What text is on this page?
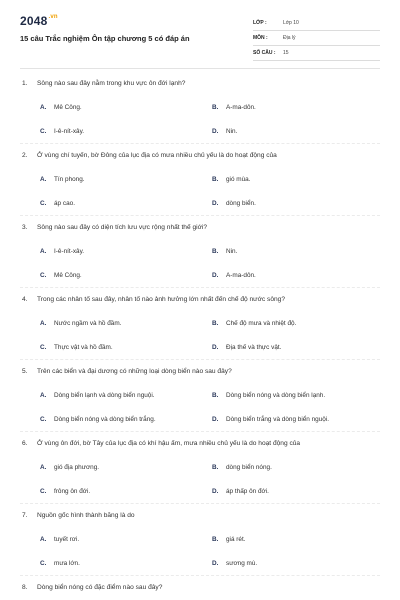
$2048^{.vn}$
15 câu Trắc nghiệm Ôn tập chương 5 có đáp án
LỚP :	Lớp 10
MÔN :	Địa lý
SỐ CÂU :	15
1.	Sông nào sau đây nằm trong khu vực ôn đới lạnh?
A.	Mê Công.	B.	A-ma-dôn.
C.	I-ê-nít-xây.	D.	Nin.
2.	Ở vùng chí tuyến, bờ Đông của lục địa có mưa nhiều chủ yếu là do hoạt động của
A.	Tín phong.	B.	gió mùa.
C.	áp cao.	D.	dòng biển.
3.	Sông nào sau đây có diện tích lưu vực rộng nhất thế giới?
A.	I-ê-nít-xây.	B.	Nin.
C.	Mê Công.	D.	A-ma-dôn.
4.	Trong các nhân tố sau đây, nhân tố nào ảnh hưởng lớn nhất đến chế độ nước sông?
A.	Nước ngầm và hồ đầm.	B.	Chế độ mưa và nhiệt độ.
C.	Thực vật và hồ đầm.	D.	Địa thế và thực vật.
5.	Trên các biển và đại dương có những loại dòng biển nào sau đây?
A.	Dòng biển lạnh và dòng biển nguội.	B.	Dòng biển nóng và dòng biển lạnh.
C.	Dòng biển nóng và dòng biển trắng.	D.	Dòng biển trắng và dòng biển nguội.
6.	Ở vùng ôn đới, bờ Tây của lục địa có khí hậu ấm, mưa nhiều chủ yếu là do hoạt động của
A.	gió địa phương.	B.	dòng biển nóng.
C.	frông ôn đới.	D.	áp thấp ôn đới.
7.	Nguồn gốc hình thành băng là do
A.	tuyết rơi.	B.	giá rét.
C.	mưa lớn.	D.	sương mù.
8.	Dòng biển nóng có đặc điểm nào sau đây?
